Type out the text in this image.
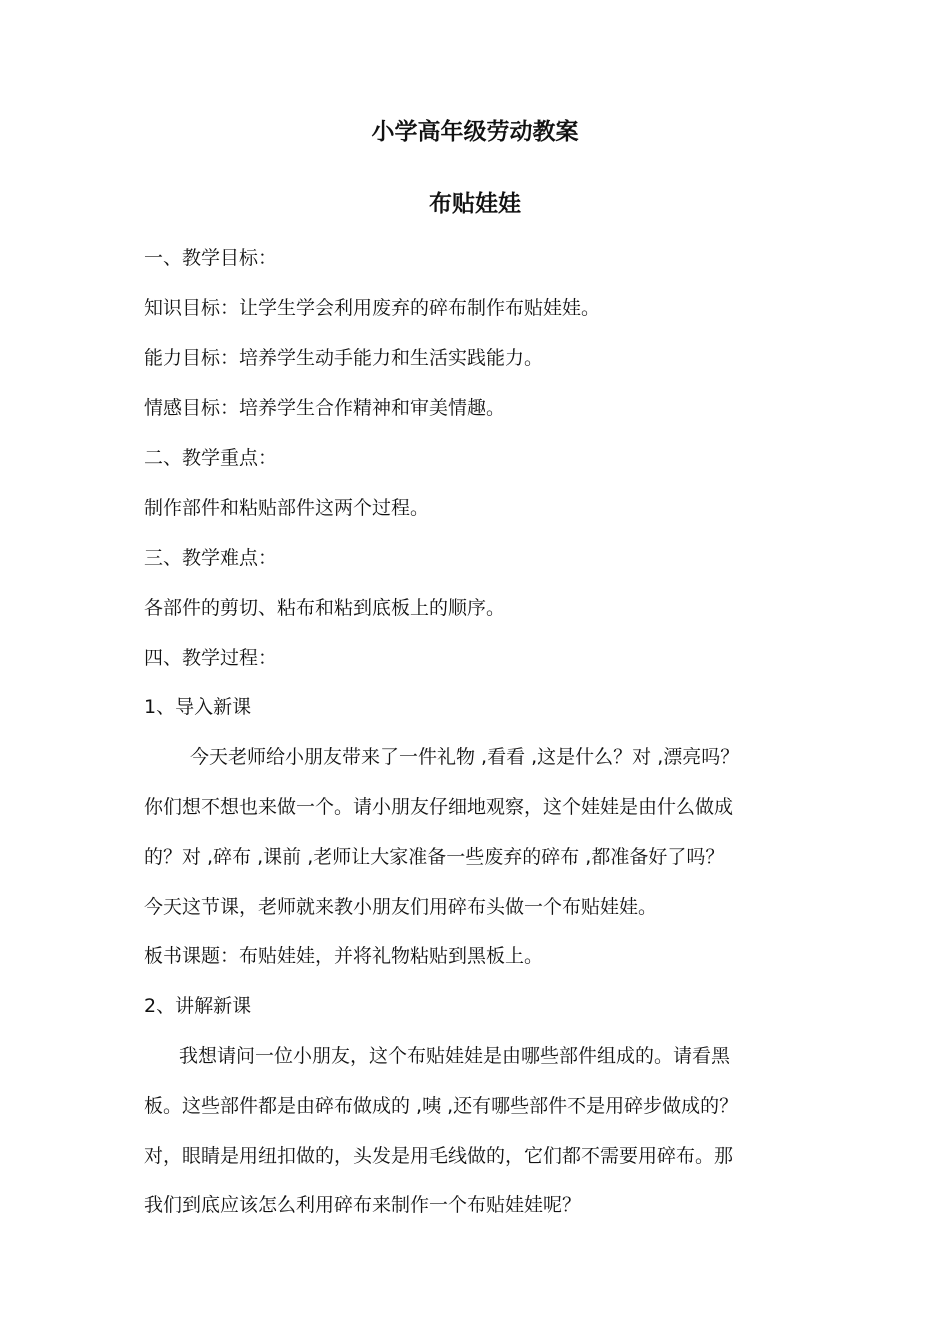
小学高年级劳动教案
布贴娃娃

一、教学目标：

知识目标：让学生学会利用废弃的碎布制作布贴娃娃。

能力目标：培养学生动手能力和生活实践能力。

情感目标：培养学生合作精神和审美情趣。

二、教学重点：

制作部件和粘贴部件这两个过程。

三、教学难点：

各部件的剪切、粘布和粘到底板上的顺序。

四、教学过程：

1、导入新课

今天老师给小朋友带来了一件礼物 ,看看 ,这是什么？对 ,漂亮吗？

你们想不想也来做一个。请小朋友仔细地观察，这个娃娃是由什么做成

的？对 ,碎布 ,课前 ,老师让大家准备一些废弃的碎布 ,都准备好了吗？

今天这节课，老师就来教小朋友们用碎布头做一个布贴娃娃。

板书课题：布贴娃娃，并将礼物粘贴到黑板上。

2、讲解新课

我想请问一位小朋友，这个布贴娃娃是由哪些部件组成的。请看黑

板。这些部件都是由碎布做成的 ,咦 ,还有哪些部件不是用碎步做成的？

对，眼睛是用纽扣做的，头发是用毛线做的，它们都不需要用碎布。那

我们到底应该怎么利用碎布来制作一个布贴娃娃呢？
